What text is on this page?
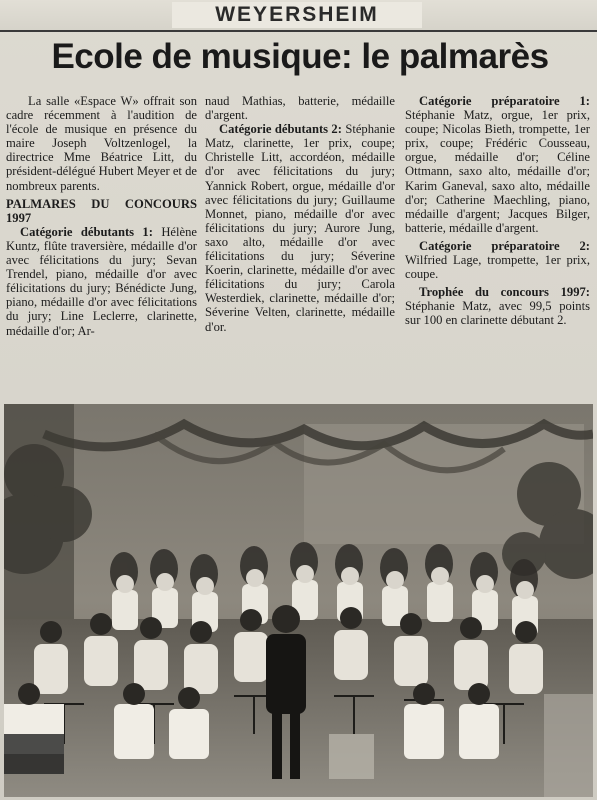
WEYERSHEIM
Ecole de musique: le palmarès

La salle «Espace W» offrait son cadre récemment à l'audition de l'école de musique en présence du maire Joseph Voltzenlogel, la directrice Mme Béatrice Litt, du président-délégué Hubert Meyer et de nombreux parents.

PALMARES DU CONCOURS 1997

Catégorie débutants 1: Hélène Kuntz, flûte traversière, médaille d'or avec félicitations du jury; Sevan Trendel, piano, médaille d'or avec félicitations du jury; Bénédicte Jung, piano, médaille d'or avec félicitations du jury; Line Leclerre, clarinette, médaille d'or; Ar-

naud Mathias, batterie, médaille d'argent.

Catégorie débutants 2: Stéphanie Matz, clarinette, 1er prix, coupe; Christelle Litt, accordéon, médaille d'or avec félicitations du jury; Yannick Robert, orgue, médaille d'or avec félicitations du jury; Guillaume Monnet, piano, médaille d'or avec félicitations du jury; Aurore Jung, saxo alto, médaille d'or avec félicitations du jury; Séverine Koerin, clarinette, médaille d'or avec félicitations du jury; Carola Westerdiek, clarinette, médaille d'or; Séverine Velten, clarinette, médaille d'or.

Catégorie préparatoire 1: Stéphanie Matz, orgue, 1er prix, coupe; Nicolas Bieth, trompette, 1er prix, coupe; Frédéric Cousseau, orgue, médaille d'or; Céline Ottmann, saxo alto, médaille d'or; Karim Ganeval, saxo alto, médaille d'or; Catherine Maechling, piano, médaille d'argent; Jacques Bilger, batterie, médaille d'argent.

Catégorie préparatoire 2: Wilfried Lage, trompette, 1er prix, coupe.

Trophée du concours 1997: Stéphanie Matz, avec 99,5 points sur 100 en clarinette débutant 2.
